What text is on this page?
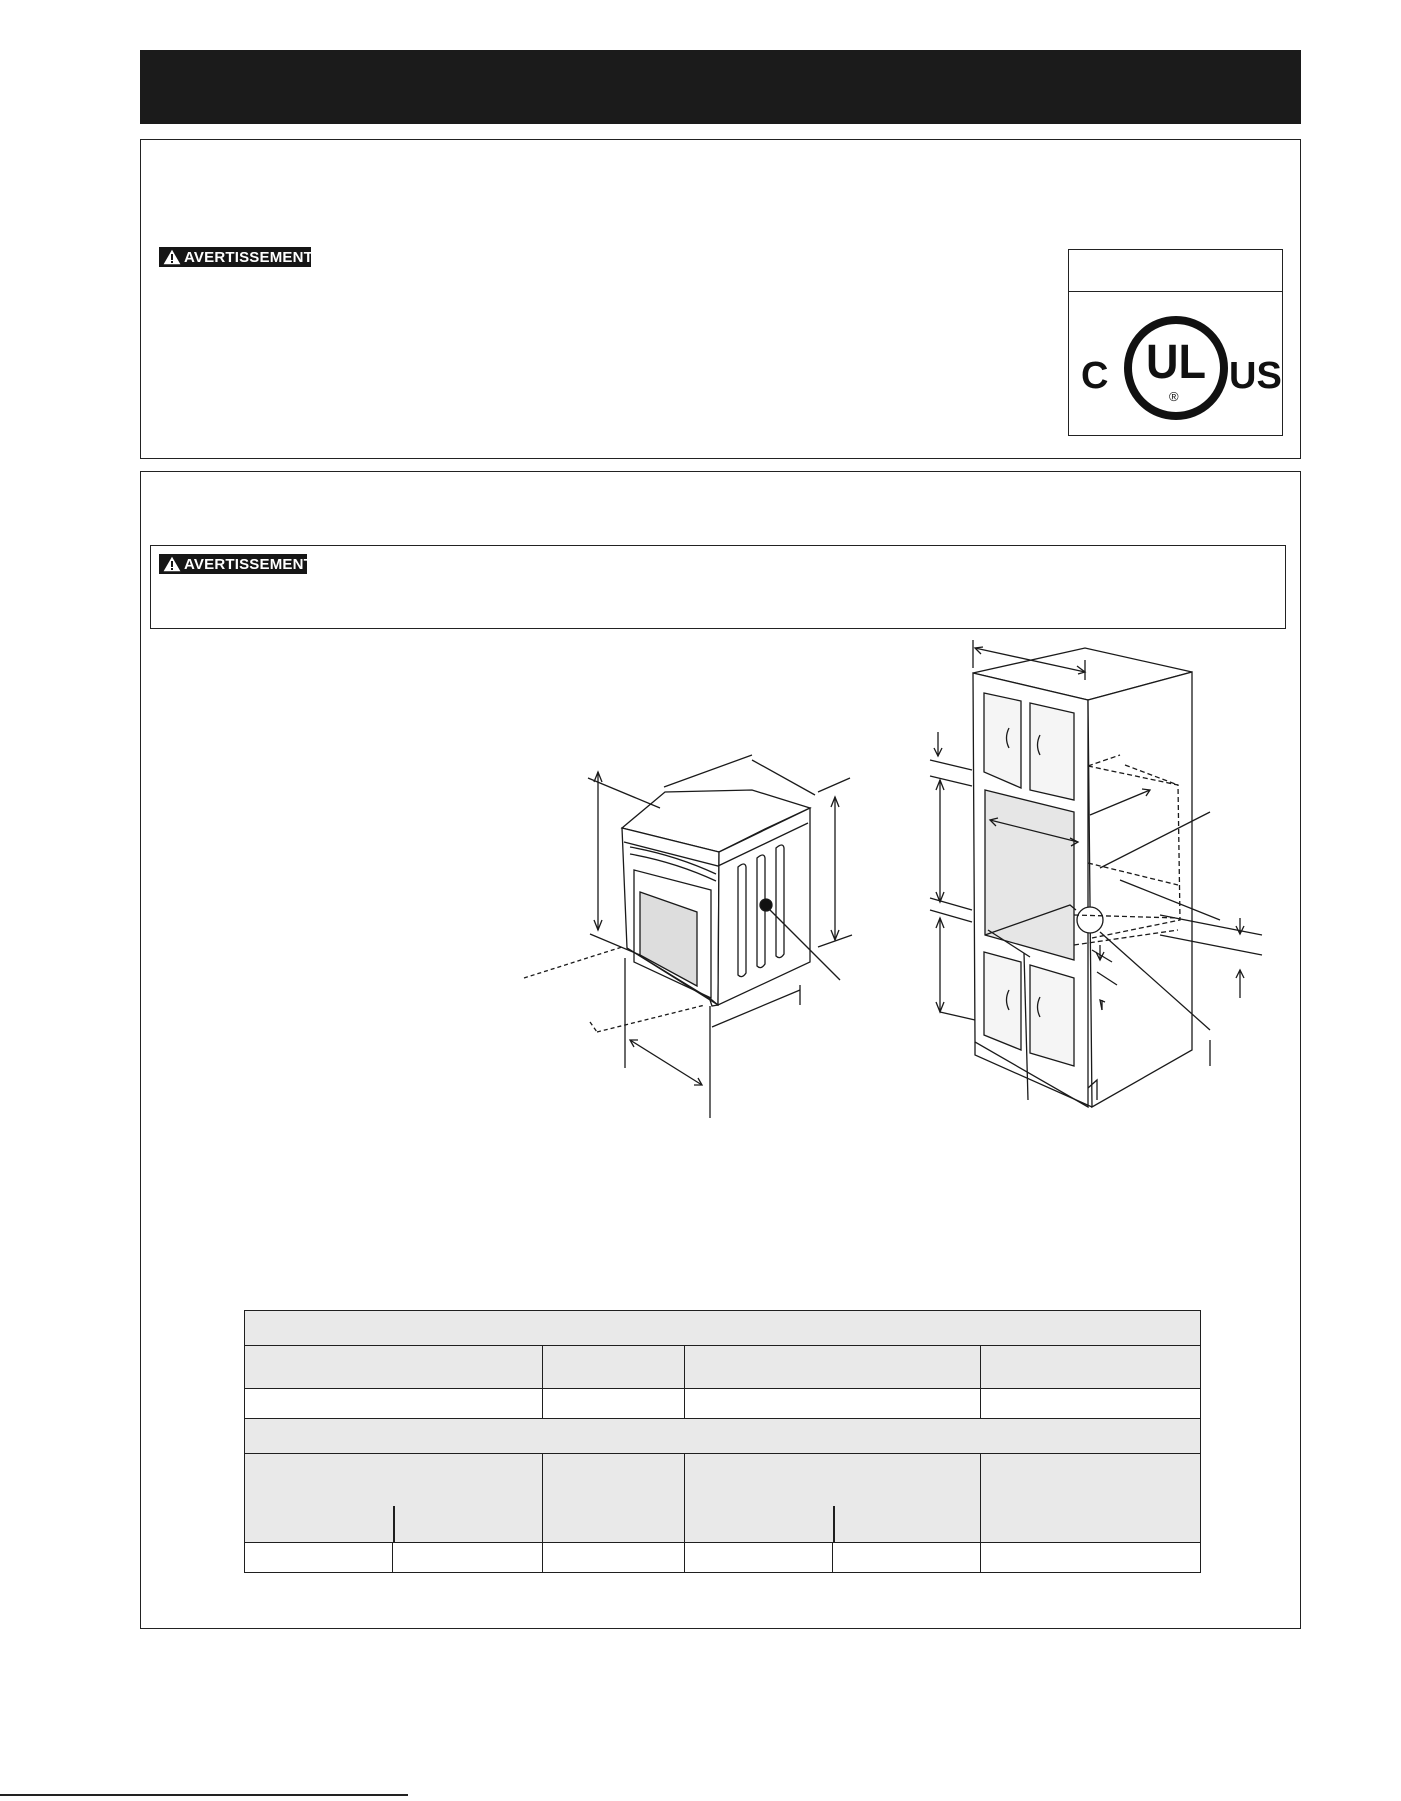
AVERTISSEMENT
C UL
® US
AVERTISSEMENT
